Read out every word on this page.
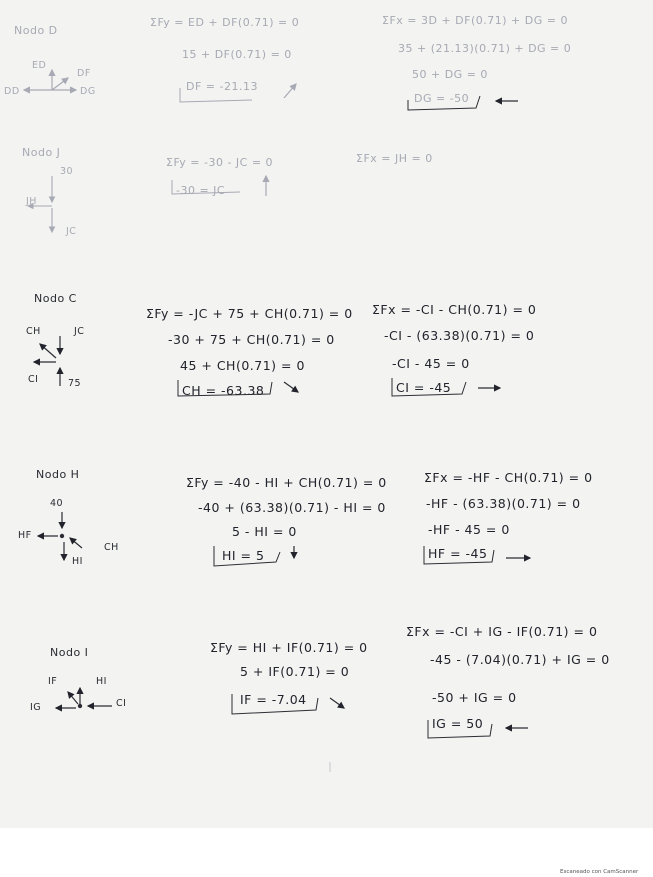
Nodo D
ED
DF
DD	DG
ΣFy = ED + DF(0.71) = 0
15 + DF(0.71) = 0
DF = -21.13
ΣFx = 3D + DF(0.71) + DG = 0
35 + (21.13)(0.71) + DG = 0
50 + DG = 0
DG = -50
Nodo J
30
JH
JC
ΣFy = -30 - JC = 0
-30 = JC
ΣFx = JH = 0
Nodo C
CH	JC
CI	75
ΣFy = -JC + 75 + CH(0.71) = 0
-30 + 75 + CH(0.71) = 0
45 + CH(0.71) = 0
CH = -63.38
ΣFx = -CI - CH(0.71) = 0
-CI - (63.38)(0.71) = 0
-CI - 45 = 0
CI = -45
Nodo H
40
HF
CH
HI
ΣFy = -40 - HI + CH(0.71) = 0
-40 + (63.38)(0.71) - HI = 0
5 - HI = 0
HI = 5
ΣFx = -HF - CH(0.71) = 0
-HF - (63.38)(0.71) = 0
-HF - 45 = 0
HF = -45
Nodo I
IF	HI
IG	CI
ΣFy = HI + IF(0.71) = 0
5 + IF(0.71) = 0
IF = -7.04
ΣFx = -CI + IG - IF(0.71) = 0
-45 - (7.04)(0.71) + IG = 0
-50 + IG = 0
IG = 50
Escaneado con CamScanner
